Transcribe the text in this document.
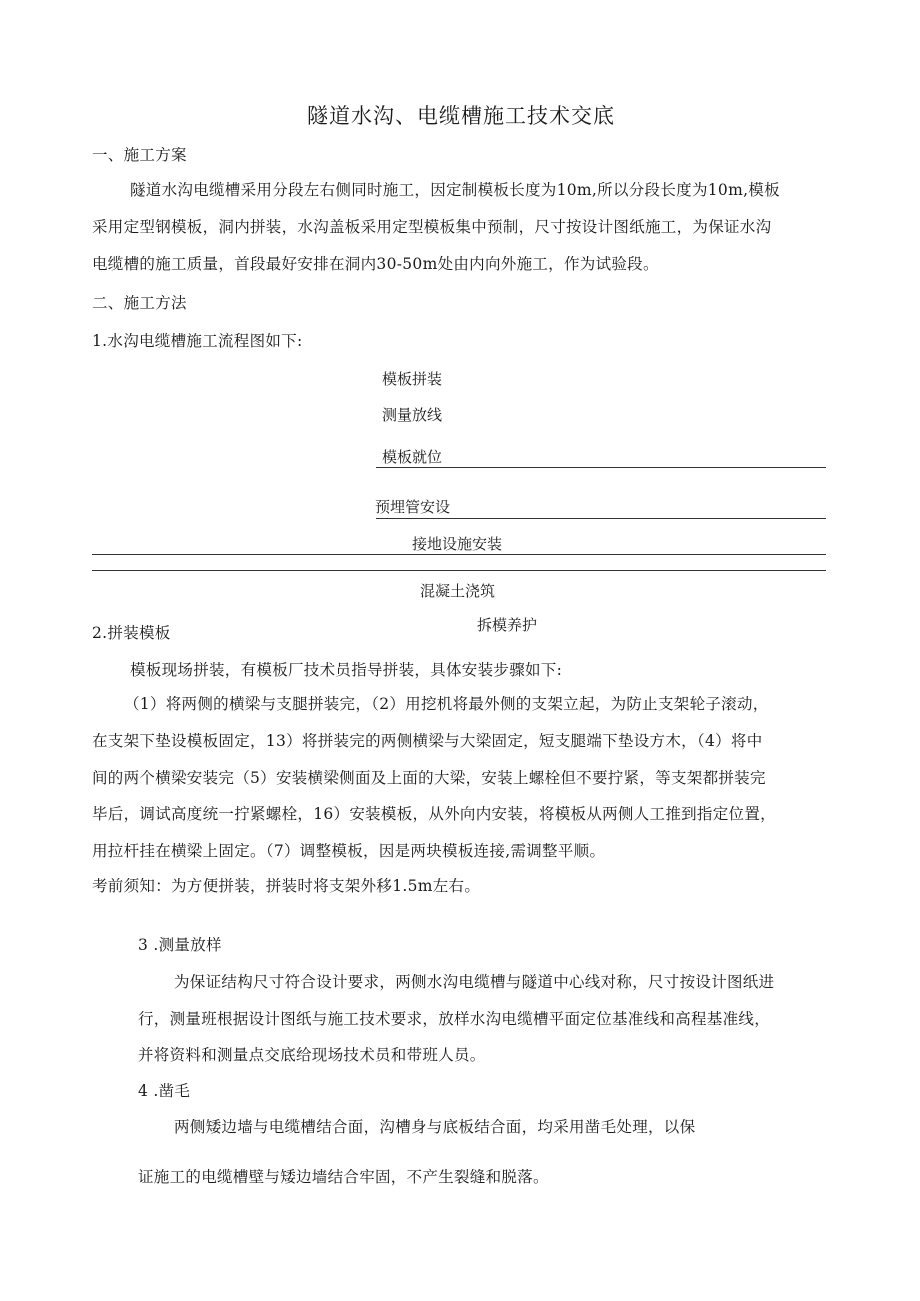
隧道水沟、电缆槽施工技术交底
一、施工方案
隧道水沟电缆槽采用分段左右侧同时施工，因定制模板长度为10m,所以分段长度为10m,模板
采用定型钢模板，洞内拼装，水沟盖板采用定型模板集中预制，尺寸按设计图纸施工，为保证水沟
电缆槽的施工质量，首段最好安排在洞内30-50m处由内向外施工，作为试验段。
二、施工方法
1.水沟电缆槽施工流程图如下:
模板拼装
测量放线
模板就位
预埋管安设
接地设施安装
混凝土浇筑
拆模养护
2.拼装模板
模板现场拼装，有模板厂技术员指导拼装，具体安装步骤如下:
（1）将两侧的横梁与支腿拼装完，（2）用挖机将最外侧的支架立起，为防止支架轮子滚动，
在支架下垫设模板固定，13）将拼装完的两侧横梁与大梁固定，短支腿端下垫设方木，（4）将中
间的两个横梁安装完（5）安装横梁侧面及上面的大梁，安装上螺栓但不要拧紧，等支架都拼装完
毕后，调试高度统一拧紧螺栓，16）安装模板，从外向内安装，将模板从两侧人工推到指定位置，
用拉杆挂在横梁上固定。（7）调整模板，因是两块模板连接,需调整平顺。
考前须知：为方便拼装，拼装时将支架外移1.5m左右。
3 .测量放样
为保证结构尺寸符合设计要求，两侧水沟电缆槽与隧道中心线对称，尺寸按设计图纸进
行，测量班根据设计图纸与施工技术要求，放样水沟电缆槽平面定位基准线和高程基准线，
并将资料和测量点交底给现场技术员和带班人员。
4 .凿毛
两侧矮边墙与电缆槽结合面，沟槽身与底板结合面，均采用凿毛处理，以保
证施工的电缆槽壁与矮边墙结合牢固，不产生裂缝和脱落。
